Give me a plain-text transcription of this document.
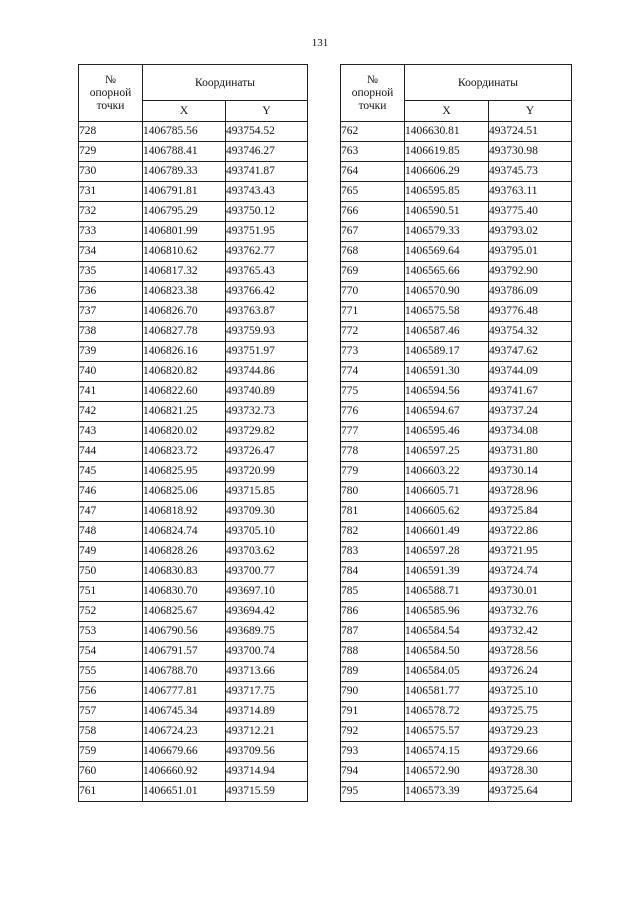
131
№
опорной
точки	Координаты	
	X	Y
728	1406785.56	493754.52
729	1406788.41	493746.27
730	1406789.33	493741.87
731	1406791.81	493743.43
732	1406795.29	493750.12
733	1406801.99	493751.95
734	1406810.62	493762.77
735	1406817.32	493765.43
736	1406823.38	493766.42
737	1406826.70	493763.87
738	1406827.78	493759.93
739	1406826.16	493751.97
740	1406820.82	493744.86
741	1406822.60	493740.89
742	1406821.25	493732.73
743	1406820.02	493729.82
744	1406823.72	493726.47
745	1406825.95	493720.99
746	1406825.06	493715.85
747	1406818.92	493709.30
748	1406824.74	493705.10
749	1406828.26	493703.62
750	1406830.83	493700.77
751	1406830.70	493697.10
752	1406825.67	493694.42
753	1406790.56	493689.75
754	1406791.57	493700.74
755	1406788.70	493713.66
756	1406777.81	493717.75
757	1406745.34	493714.89
758	1406724.23	493712.21
759	1406679.66	493709.56
760	1406660.92	493714.94
761	1406651.01	493715.59
№
опорной
точки	Координаты	
	X	Y
762	1406630.81	493724.51
763	1406619.85	493730.98
764	1406606.29	493745.73
765	1406595.85	493763.11
766	1406590.51	493775.40
767	1406579.33	493793.02
768	1406569.64	493795.01
769	1406565.66	493792.90
770	1406570.90	493786.09
771	1406575.58	493776.48
772	1406587.46	493754.32
773	1406589.17	493747.62
774	1406591.30	493744.09
775	1406594.56	493741.67
776	1406594.67	493737.24
777	1406595.46	493734.08
778	1406597.25	493731.80
779	1406603.22	493730.14
780	1406605.71	493728.96
781	1406605.62	493725.84
782	1406601.49	493722.86
783	1406597.28	493721.95
784	1406591.39	493724.74
785	1406588.71	493730.01
786	1406585.96	493732.76
787	1406584.54	493732.42
788	1406584.50	493728.56
789	1406584.05	493726.24
790	1406581.77	493725.10
791	1406578.72	493725.75
792	1406575.57	493729.23
793	1406574.15	493729.66
794	1406572.90	493728.30
795	1406573.39	493725.64
